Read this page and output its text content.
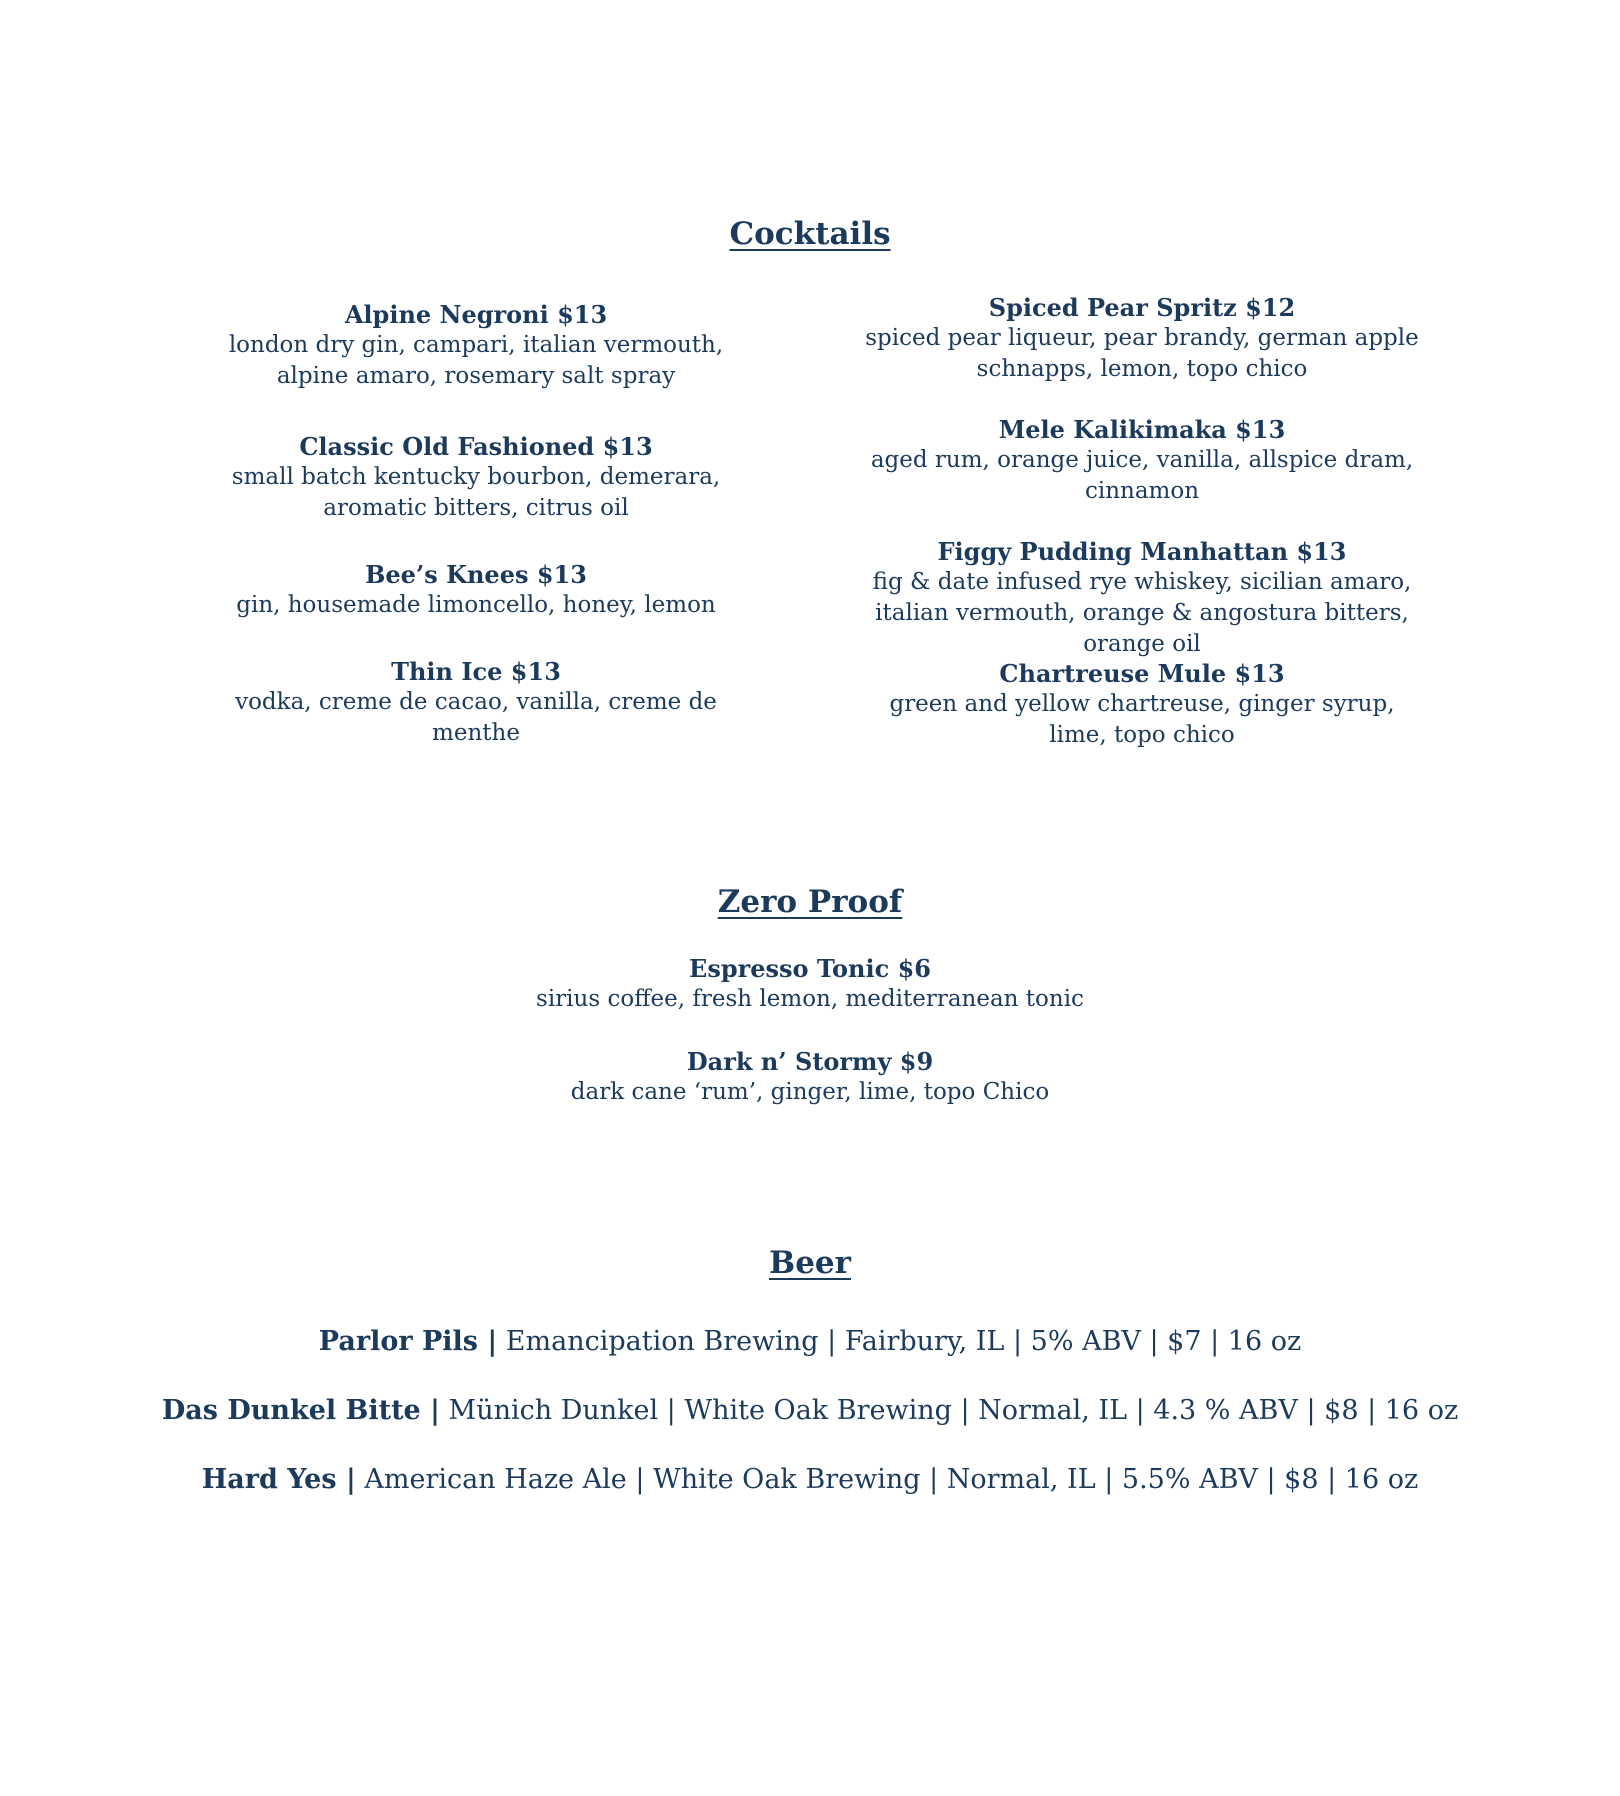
Cocktails
Alpine Negroni $13
london dry gin, campari, italian vermouth, alpine amaro, rosemary salt spray
Classic Old Fashioned $13
small batch kentucky bourbon, demerara, aromatic bitters, citrus oil
Bee’s Knees $13
gin, housemade limoncello, honey, lemon
Thin Ice $13
vodka, creme de cacao, vanilla, creme de menthe
Spiced Pear Spritz $12
spiced pear liqueur, pear brandy, german apple schnapps, lemon, topo chico
Mele Kalikimaka $13
aged rum, orange juice, vanilla, allspice dram, cinnamon
Figgy Pudding Manhattan $13
fig & date infused rye whiskey, sicilian amaro, italian vermouth, orange & angostura bitters, orange oil
Chartreuse Mule $13
green and yellow chartreuse, ginger syrup, lime, topo chico
Zero Proof
Espresso Tonic $6
sirius coffee, fresh lemon, mediterranean tonic
Dark n’ Stormy $9
dark cane ‘rum’, ginger, lime, topo Chico
Beer
Parlor Pils | Emancipation Brewing | Fairbury, IL | 5% ABV | $7 | 16 oz
Das Dunkel Bitte | Münich Dunkel | White Oak Brewing | Normal, IL | 4.3 % ABV | $8 | 16 oz
Hard Yes | American Haze Ale | White Oak Brewing | Normal, IL | 5.5% ABV | $8 | 16 oz
